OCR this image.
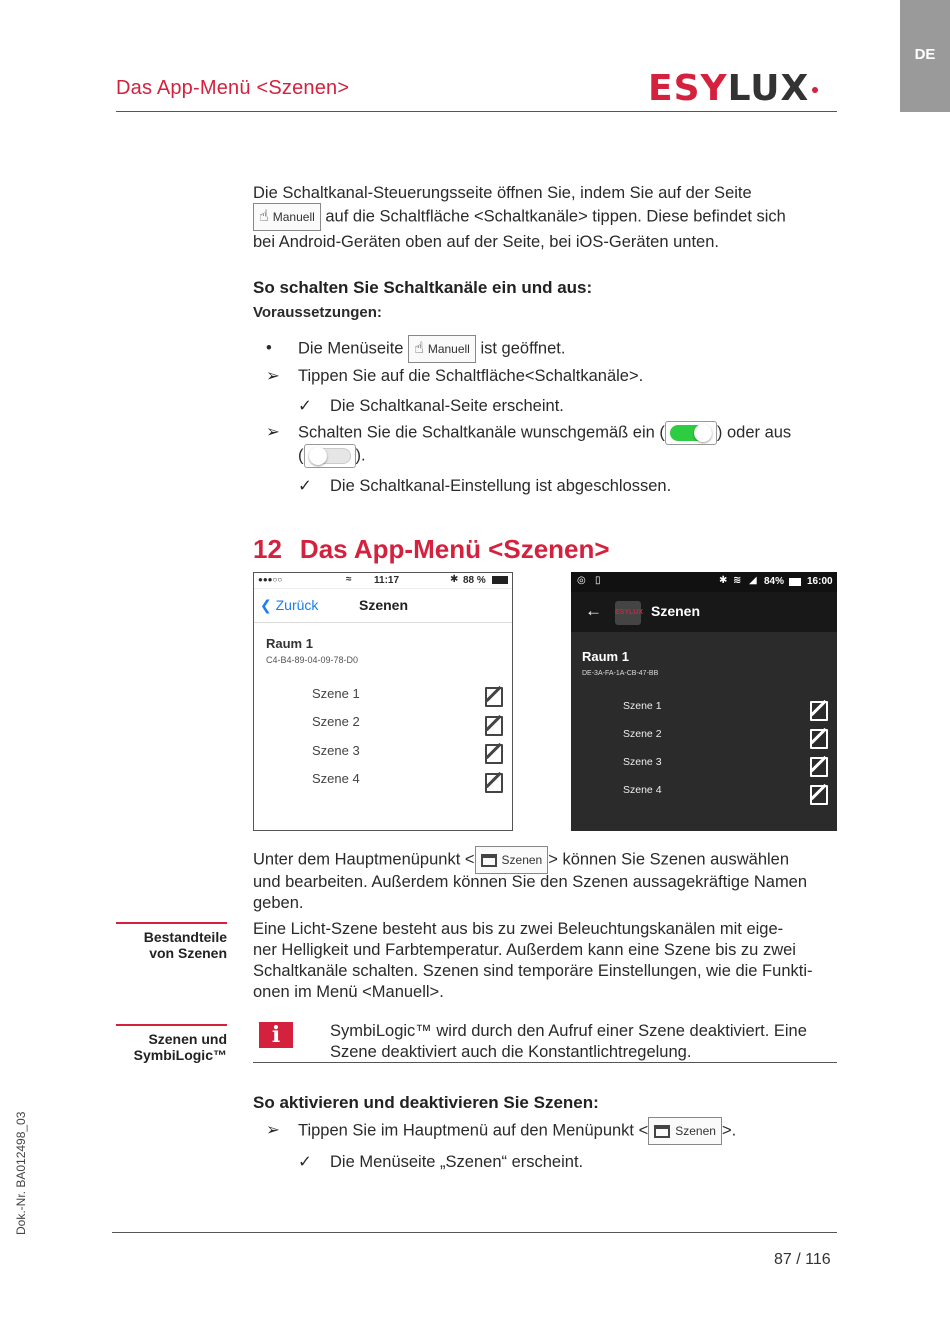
DE
Das App-Menü <Szenen>	ESYLUX
Die Schaltkanal-Steuerungsseite öffnen Sie, indem Sie auf der Seite
☝ Manuell auf die Schaltfläche <Schaltkanäle> tippen. Diese befindet sich
bei Android-Geräten oben auf der Seite, bei iOS-Geräten unten.
So schalten Sie Schaltkanäle ein und aus:
Voraussetzungen:
• Die Menüseite ☝ Manuell ist geöffnet.
➢ Tippen Sie auf die Schaltfläche<Schaltkanäle>.
✓ Die Schaltkanal-Seite erscheint.
➢ Schalten Sie die Schaltkanäle wunschgemäß ein (	) oder aus
(	).
✓ Die Schaltkanal-Einstellung ist abgeschlossen.
12 Das App-Menü <Szenen>
●●●○○	≈ 11:17	✱ 88 %
❮ Zurück	Szenen
Raum 1
C4-B4-89-04-09-78-D0
Szene 1
Szene 2
Szene 3
Szene 4
◎ ▯	✱ ≋ ◢ 84% 16:00
← ESYLUX Szenen
Raum 1
DE-3A-FA-1A-CB-47-BB
Szene 1
Szene 2
Szene 3
Szene 4
Unter dem Hauptmenüpunkt < Szenen > können Sie Szenen auswählen
und bearbeiten. Außerdem können Sie den Szenen aussagekräftige Namen
geben.
Bestandteile
von Szenen
Eine Licht-Szene besteht aus bis zu zwei Beleuchtungskanälen mit eige-
ner Helligkeit und Farbtemperatur. Außerdem kann eine Szene bis zu zwei
Schaltkanäle schalten. Szenen sind temporäre Einstellungen, wie die Funkti-
onen im Menü <Manuell>.
Szenen und
SymbiLogic™
i	SymbiLogic™ wird durch den Aufruf einer Szene deaktiviert. Eine
Szene deaktiviert auch die Konstantlichtregelung.
So aktivieren und deaktivieren Sie Szenen:
➢ Tippen Sie im Hauptmenü auf den Menüpunkt < Szenen >.
✓ Die Menüseite „Szenen“ erscheint.
Dok.-Nr. BA012498_03
87 / 116
